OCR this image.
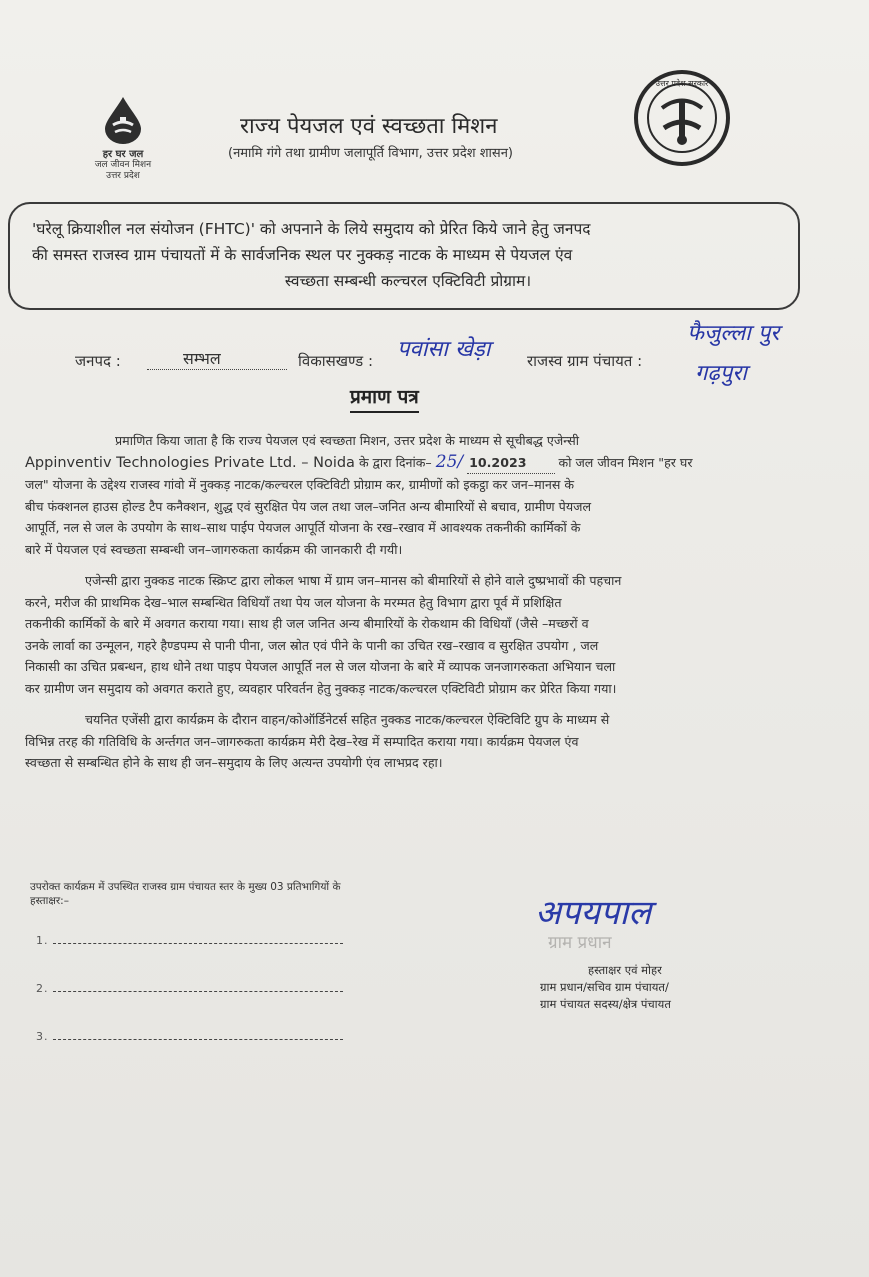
हर घर जल
जल जीवन मिशन
उत्तर प्रदेश
राज्य पेयजल एवं स्वच्छता मिशन
(नमामि गंगे तथा ग्रामीण जलापूर्ति विभाग, उत्तर प्रदेश शासन)
उत्तर प्रदेश सरकार
'घरेलू क्रियाशील नल संयोजन (FHTC)' को अपनाने के लिये समुदाय को प्रेरित किये जाने हेतु जनपद
की समस्त राजस्व ग्राम पंचायतों में के सार्वजनिक स्थल पर नुक्कड़ नाटक के माध्यम से पेयजल एंव
स्वच्छता सम्बन्धी कल्चरल एक्टिविटी प्रोग्राम।
जनपद :	सम्भल	विकासखण्ड : पवांसा खेड़ा राजस्व ग्राम पंचायत :
फैजुल्ला पुर
गढ़पुरा
प्रमाण पत्र
प्रमाणित किया जाता है कि राज्य पेयजल एवं स्वच्छता मिशन, उत्तर प्रदेश के माध्यम से सूचीबद्ध एजेन्सी
Appinventiv Technologies Private Ltd. – Noida के द्वारा दिनांक– 25/ 10.2023	को जल जीवन मिशन "हर घर
जल" योजना के उद्देश्य राजस्व गांवो में नुक्कड़ नाटक/कल्चरल एक्टिविटी प्रोग्राम कर, ग्रामीणों को इकट्ठा कर जन–मानस के
बीच फंक्शनल हाउस होल्ड टैप कनैक्शन, शुद्ध एवं सुरक्षित पेय जल तथा जल–जनित अन्य बीमारियों से बचाव, ग्रामीण पेयजल
आपूर्ति, नल से जल के उपयोग के साथ–साथ पाईप पेयजल आपूर्ति योजना के रख–रखाव में आवश्यक तकनीकी कार्मिकों के
बारे में पेयजल एवं स्वच्छता सम्बन्धी जन–जागरुकता कार्यक्रम की जानकारी दी गयी।
एजेन्सी द्वारा नुक्कड नाटक स्क्रिप्ट द्वारा लोकल भाषा में ग्राम जन–मानस को बीमारियों से होने वाले दुष्प्रभावों की पहचान
करने, मरीज की प्राथमिक देख–भाल सम्बन्धित विधियाँ तथा पेय जल योजना के मरम्मत हेतु विभाग द्वारा पूर्व में प्रशिक्षित
तकनीकी कार्मिकों के बारे में अवगत कराया गया। साथ ही जल जनित अन्य बीमारियों के रोकथाम की विधियाँ (जैसे –मच्छरों व
उनके लार्वा का उन्मूलन, गहरे हैण्डपम्प से पानी पीना, जल स्रोत एवं पीने के पानी का उचित रख–रखाव व सुरक्षित उपयोग , जल
निकासी का उचित प्रबन्धन, हाथ धोने तथा पाइप पेयजल आपूर्ति नल से जल योजना के बारे में व्यापक जनजागरुकता अभियान चला
कर ग्रामीण जन समुदाय को अवगत कराते हुए, व्यवहार परिवर्तन हेतु नुक्कड़ नाटक/कल्चरल एक्टिविटी प्रोग्राम कर प्रेरित किया गया।
चयनित एजेंसी द्वारा कार्यक्रम के दौरान वाहन/कोऑर्डिनेटर्स सहित नुक्कड नाटक/कल्चरल ऐक्टिविटि ग्रुप के माध्यम से
विभिन्न तरह की गतिविधि के अर्न्तगत जन–जागरुकता कार्यक्रम मेरी देख–रेख में सम्पादित कराया गया। कार्यक्रम पेयजल एंव
स्वच्छता से सम्बन्धित होने के साथ ही जन–समुदाय के लिए अत्यन्त उपयोगी एंव लाभप्रद रहा।
उपरोक्त कार्यक्रम में उपस्थित राजस्व ग्राम पंचायत स्तर के मुख्य 03 प्रतिभागियों के
हस्ताक्षर:–
1.
2.
3.
अपयपाल
ग्राम प्रधान
हस्ताक्षर एवं मोहर
ग्राम प्रधान/सचिव ग्राम पंचायत/
ग्राम पंचायत सदस्य/क्षेत्र पंचायत
